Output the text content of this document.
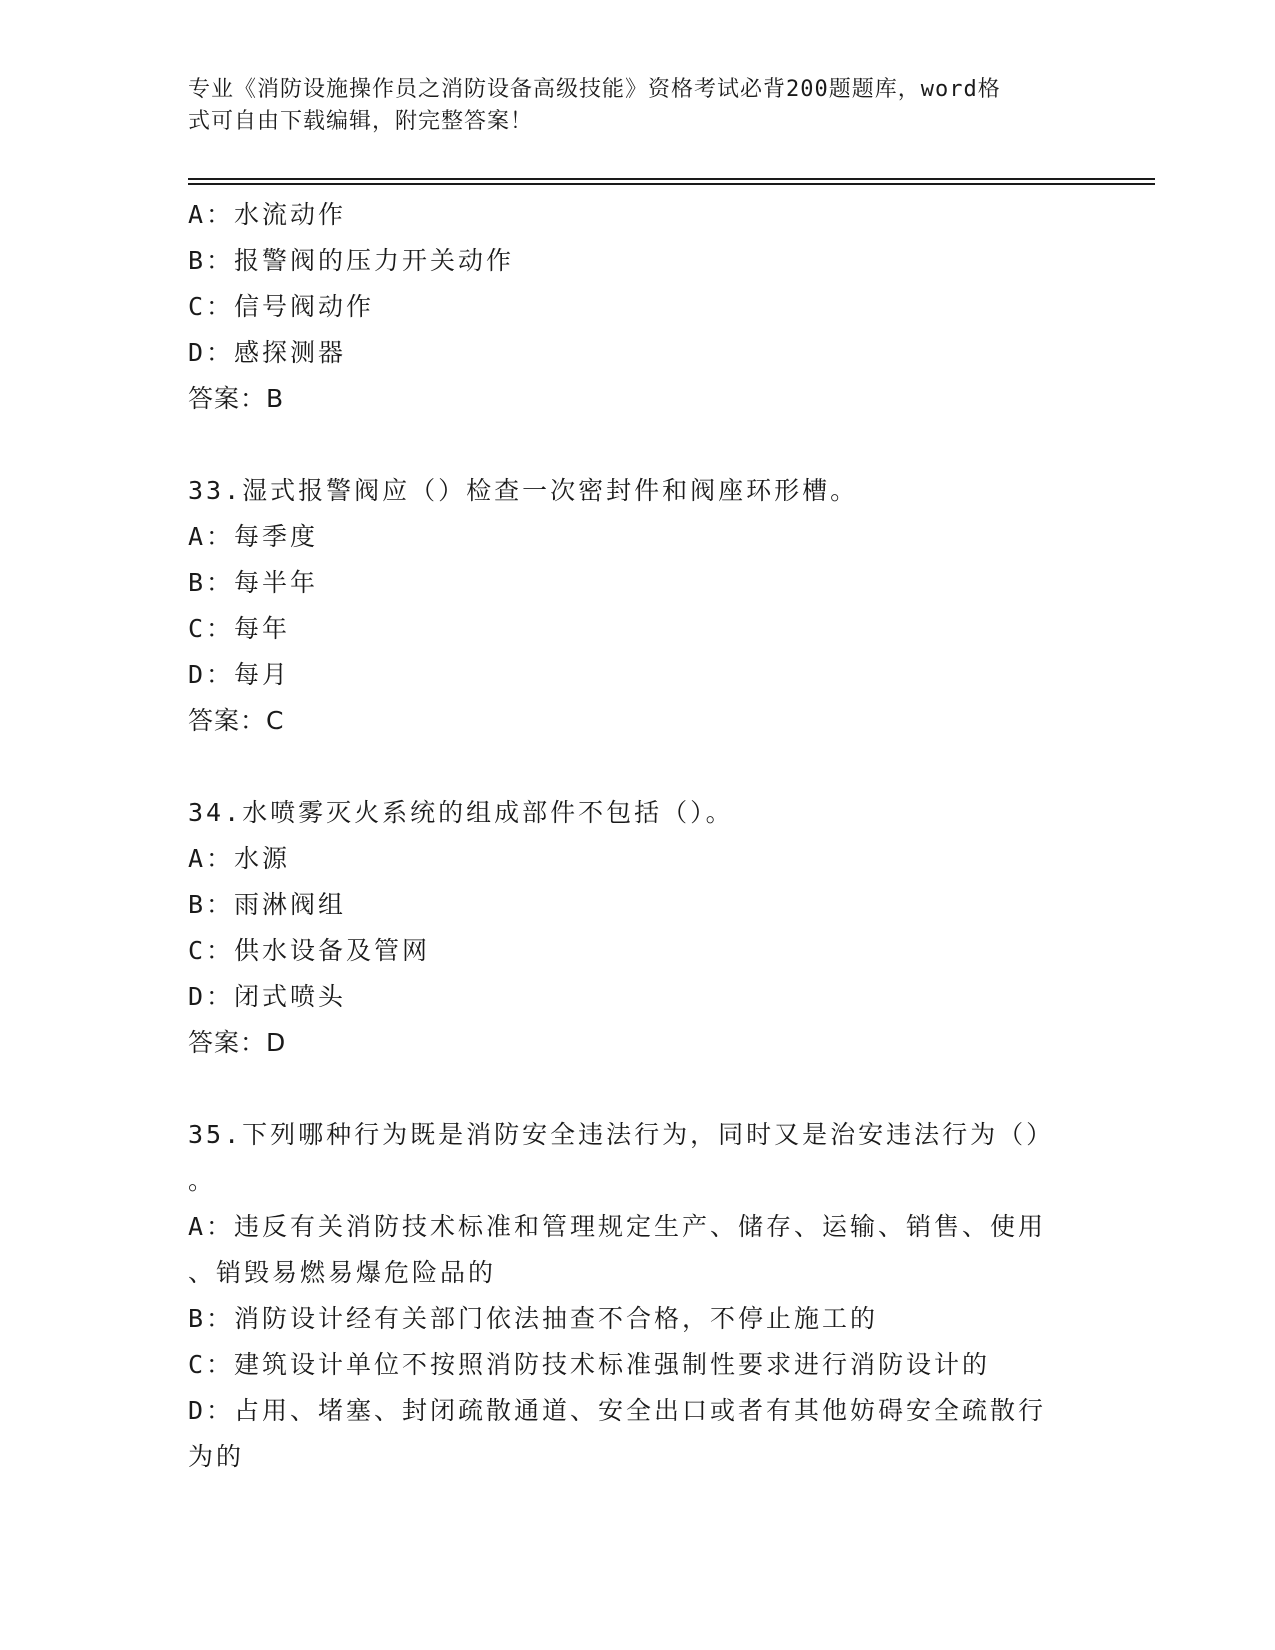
专业《消防设施操作员之消防设备高级技能》资格考试必背200题题库，word格
式可自由下载编辑，附完整答案！
A：水流动作
B：报警阀的压力开关动作
C：信号阀动作
D：感探测器
答案：B
33.湿式报警阀应（）检查一次密封件和阀座环形槽。
A：每季度
B：每半年
C：每年
D：每月
答案：C
34.水喷雾灭火系统的组成部件不包括（）。
A：水源
B：雨淋阀组
C：供水设备及管网
D：闭式喷头
答案：D
35.下列哪种行为既是消防安全违法行为，同时又是治安违法行为（）
。
A：违反有关消防技术标准和管理规定生产、储存、运输、销售、使用
、销毁易燃易爆危险品的
B：消防设计经有关部门依法抽查不合格，不停止施工的
C：建筑设计单位不按照消防技术标准强制性要求进行消防设计的
D：占用、堵塞、封闭疏散通道、安全出口或者有其他妨碍安全疏散行
为的
